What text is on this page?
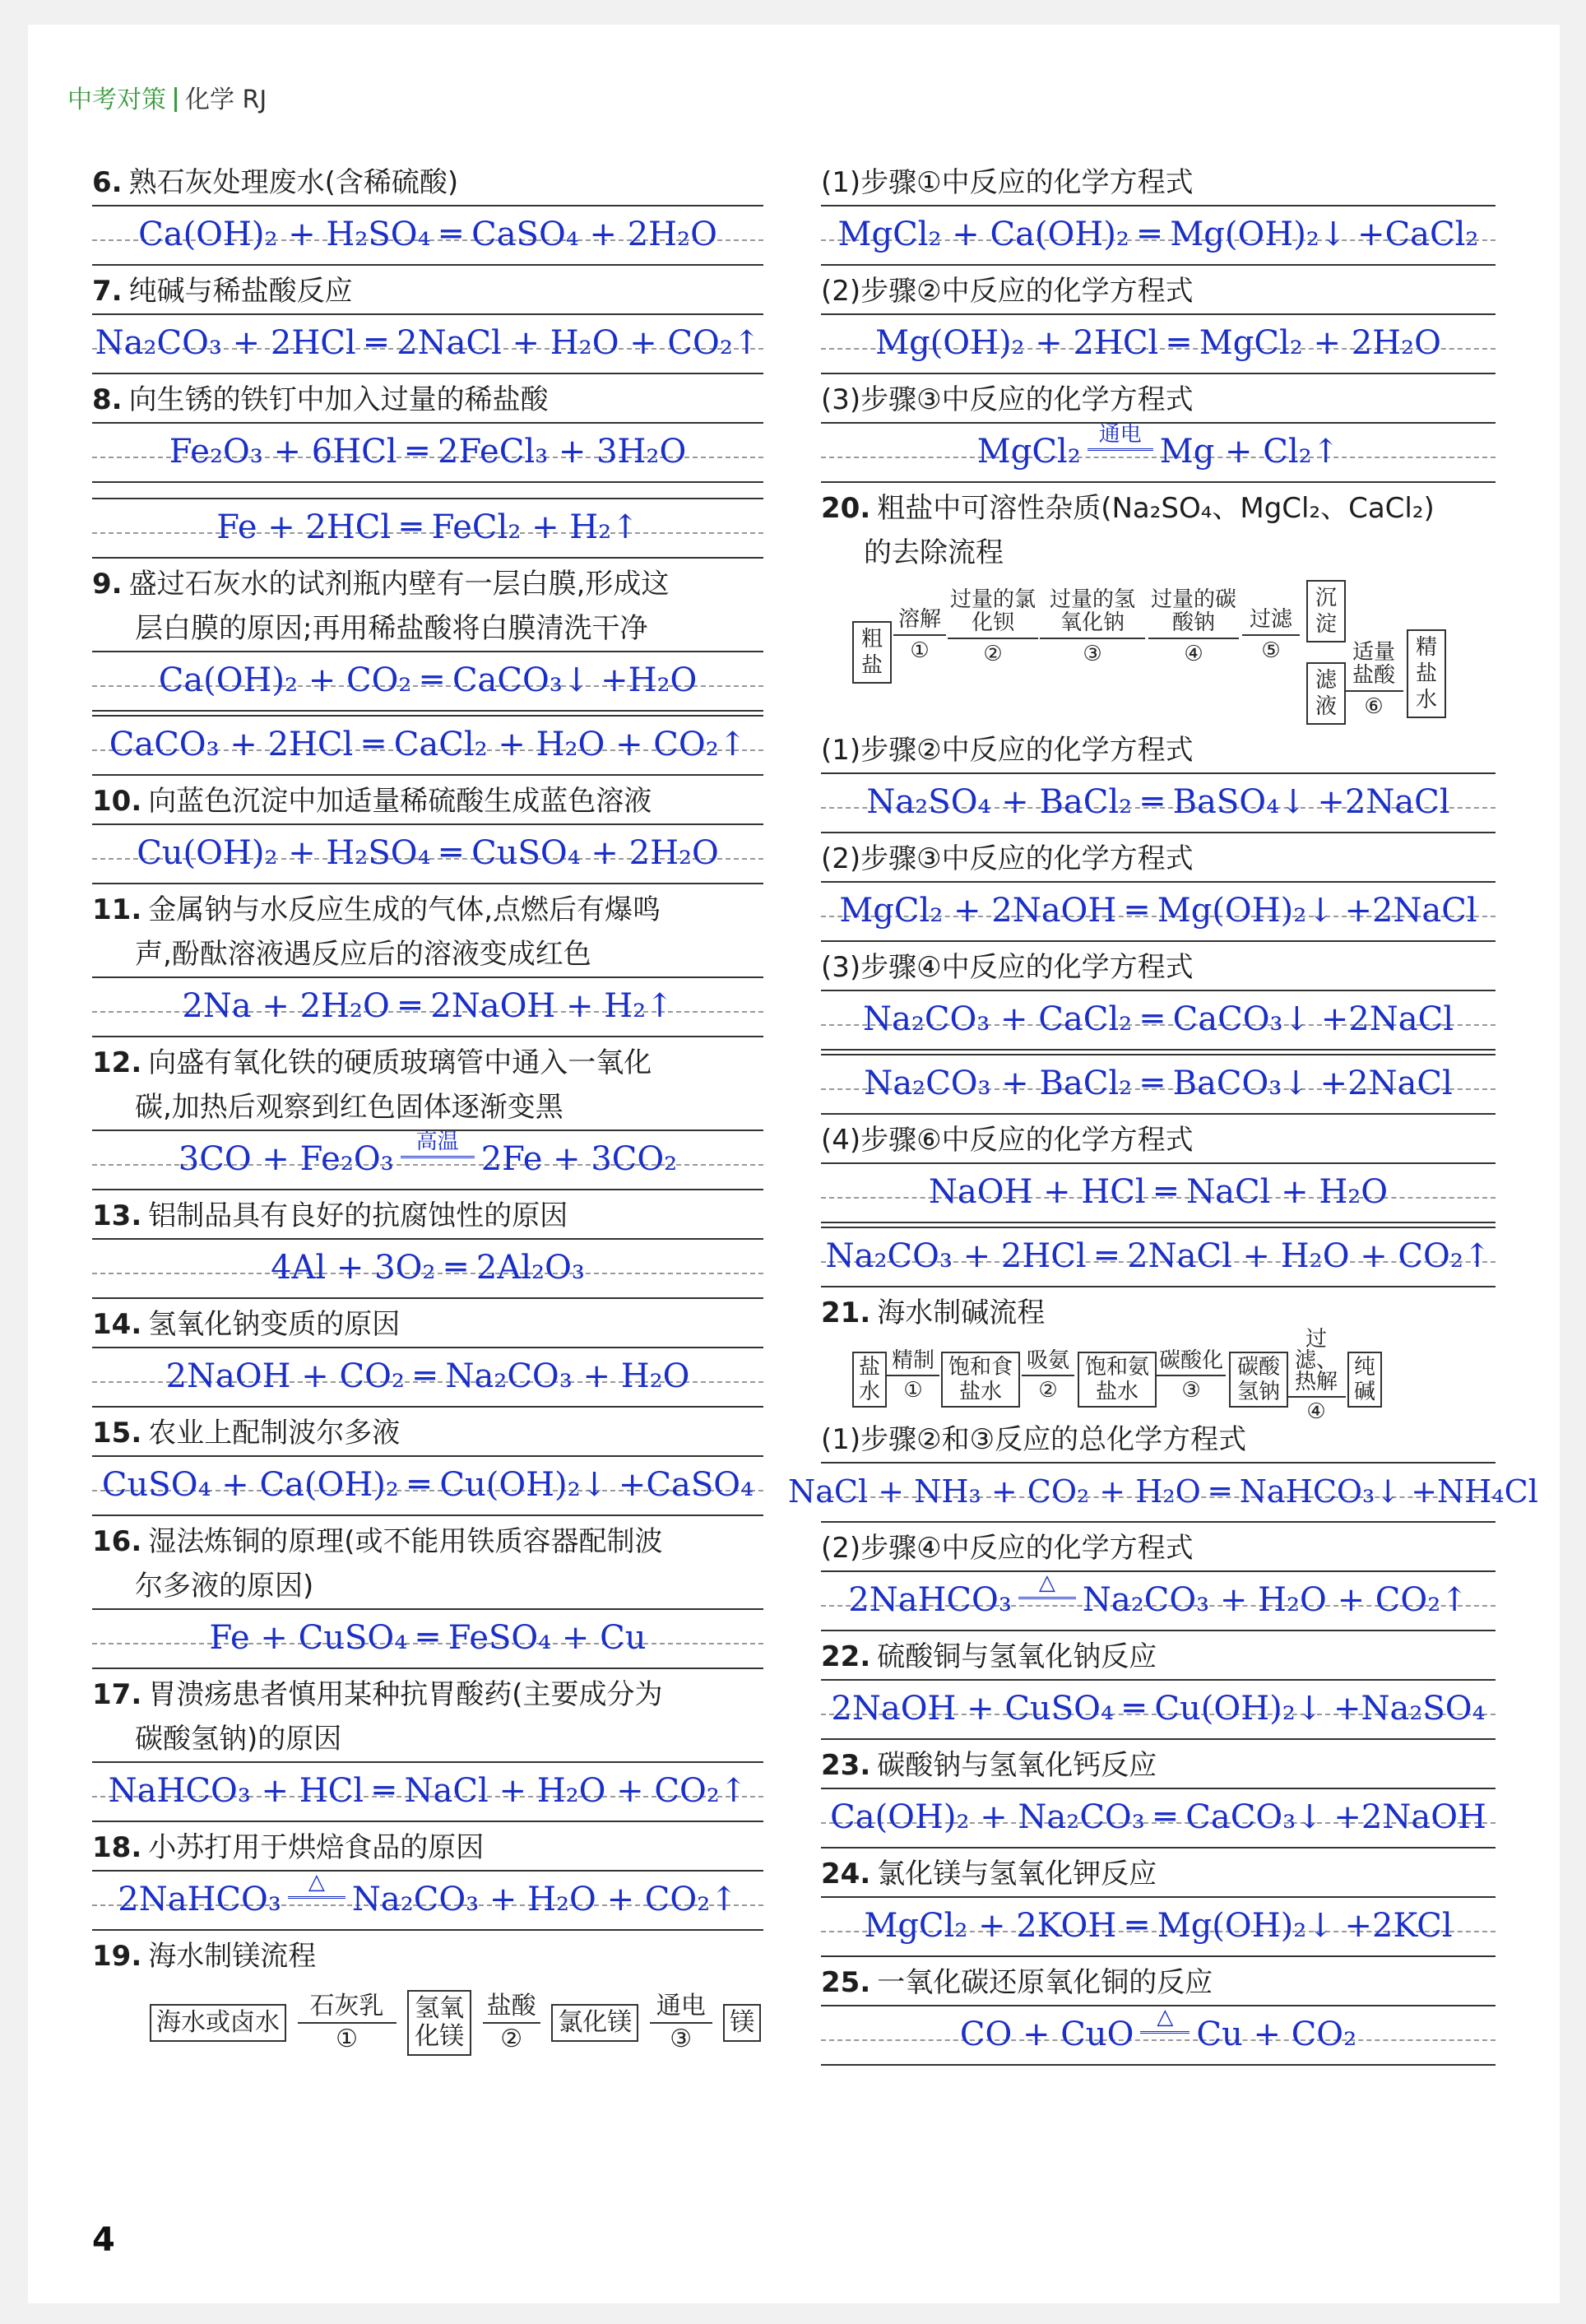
中考对策 化学 RJ
6. 熟石灰处理废水(含稀硫酸)
Ca(OH)₂ + H₂SO₄ ═ CaSO₄ + 2H₂O
7. 纯碱与稀盐酸反应
Na₂CO₃ + 2HCl ═ 2NaCl + H₂O + CO₂↑
8. 向生锈的铁钉中加入过量的稀盐酸
Fe₂O₃ + 6HCl ═ 2FeCl₃ + 3H₂O
Fe + 2HCl ═ FeCl₂ + H₂↑
9. 盛过石灰水的试剂瓶内壁有一层白膜,形成这
层白膜的原因;再用稀盐酸将白膜清洗干净
Ca(OH)₂ + CO₂ ═ CaCO₃↓ +H₂O
CaCO₃ + 2HCl ═ CaCl₂ + H₂O + CO₂↑
10. 向蓝色沉淀中加适量稀硫酸生成蓝色溶液
Cu(OH)₂ + H₂SO₄ ═ CuSO₄ + 2H₂O
11. 金属钠与水反应生成的气体,点燃后有爆鸣
声,酚酞溶液遇反应后的溶液变成红色
2Na + 2H₂O ═ 2NaOH + H₂↑
12. 向盛有氧化铁的硬质玻璃管中通入一氧化
碳,加热后观察到红色固体逐渐变黑
3CO + Fe₂O₃	高温 2Fe + 3CO₂
13. 铝制品具有良好的抗腐蚀性的原因
4Al + 3O₂ ═ 2Al₂O₃
14. 氢氧化钠变质的原因
2NaOH + CO₂ ═ Na₂CO₃ + H₂O
15. 农业上配制波尔多液
CuSO₄ + Ca(OH)₂ ═ Cu(OH)₂↓ +CaSO₄
16. 湿法炼铜的原理(或不能用铁质容器配制波
尔多液的原因)
Fe + CuSO₄ ═ FeSO₄ + Cu
17. 胃溃疡患者慎用某种抗胃酸药(主要成分为
碳酸氢钠)的原因
NaHCO₃ + HCl ═ NaCl + H₂O + CO₂↑
18. 小苏打用于烘焙食品的原因
2NaHCO₃	△ Na₂CO₃ + H₂O + CO₂↑
19. 海水制镁流程
海水或卤水 石灰乳
① 氢氧化镁 盐酸
② 氯化镁 通电
③ 镁
(1)步骤①中反应的化学方程式
MgCl₂ + Ca(OH)₂ ═ Mg(OH)₂↓ +CaCl₂
(2)步骤②中反应的化学方程式
Mg(OH)₂ + 2HCl ═ MgCl₂ + 2H₂O
(3)步骤③中反应的化学方程式
MgCl₂ 通电 Mg + Cl₂↑
20. 粗盐中可溶性杂质(Na₂SO₄、MgCl₂、CaCl₂)
的去除流程
粗盐
溶解
①
过量的氯化钡
②
过量的氢氧化钠
③
过量的碳酸钠
④
过滤
⑤
沉淀
滤液
适量盐酸
⑥
精盐水
(1)步骤②中反应的化学方程式
Na₂SO₄ + BaCl₂ ═ BaSO₄↓ +2NaCl
(2)步骤③中反应的化学方程式
MgCl₂ + 2NaOH ═ Mg(OH)₂↓ +2NaCl
(3)步骤④中反应的化学方程式
Na₂CO₃ + CaCl₂ ═ CaCO₃↓ +2NaCl
Na₂CO₃ + BaCl₂ ═ BaCO₃↓ +2NaCl
(4)步骤⑥中反应的化学方程式
NaOH + HCl ═ NaCl + H₂O
Na₂CO₃ + 2HCl ═ 2NaCl + H₂O + CO₂↑
21. 海水制碱流程
盐水
精制
①
饱和食盐水
吸氨
②
饱和氨盐水
碳酸化
③
碳酸氢钠
过滤、热解
④
纯碱
(1)步骤②和③反应的总化学方程式
NaCl + NH₃ + CO₂ + H₂O ═ NaHCO₃↓ +NH₄Cl
(2)步骤④中反应的化学方程式
2NaHCO₃	△ Na₂CO₃ + H₂O + CO₂↑
22. 硫酸铜与氢氧化钠反应
2NaOH + CuSO₄ ═ Cu(OH)₂↓ +Na₂SO₄
23. 碳酸钠与氢氧化钙反应
Ca(OH)₂ + Na₂CO₃ ═ CaCO₃↓ +2NaOH
24. 氯化镁与氢氧化钾反应
MgCl₂ + 2KOH ═ Mg(OH)₂↓ +2KCl
25. 一氧化碳还原氧化铜的反应
CO + CuO	△ Cu + CO₂
4
